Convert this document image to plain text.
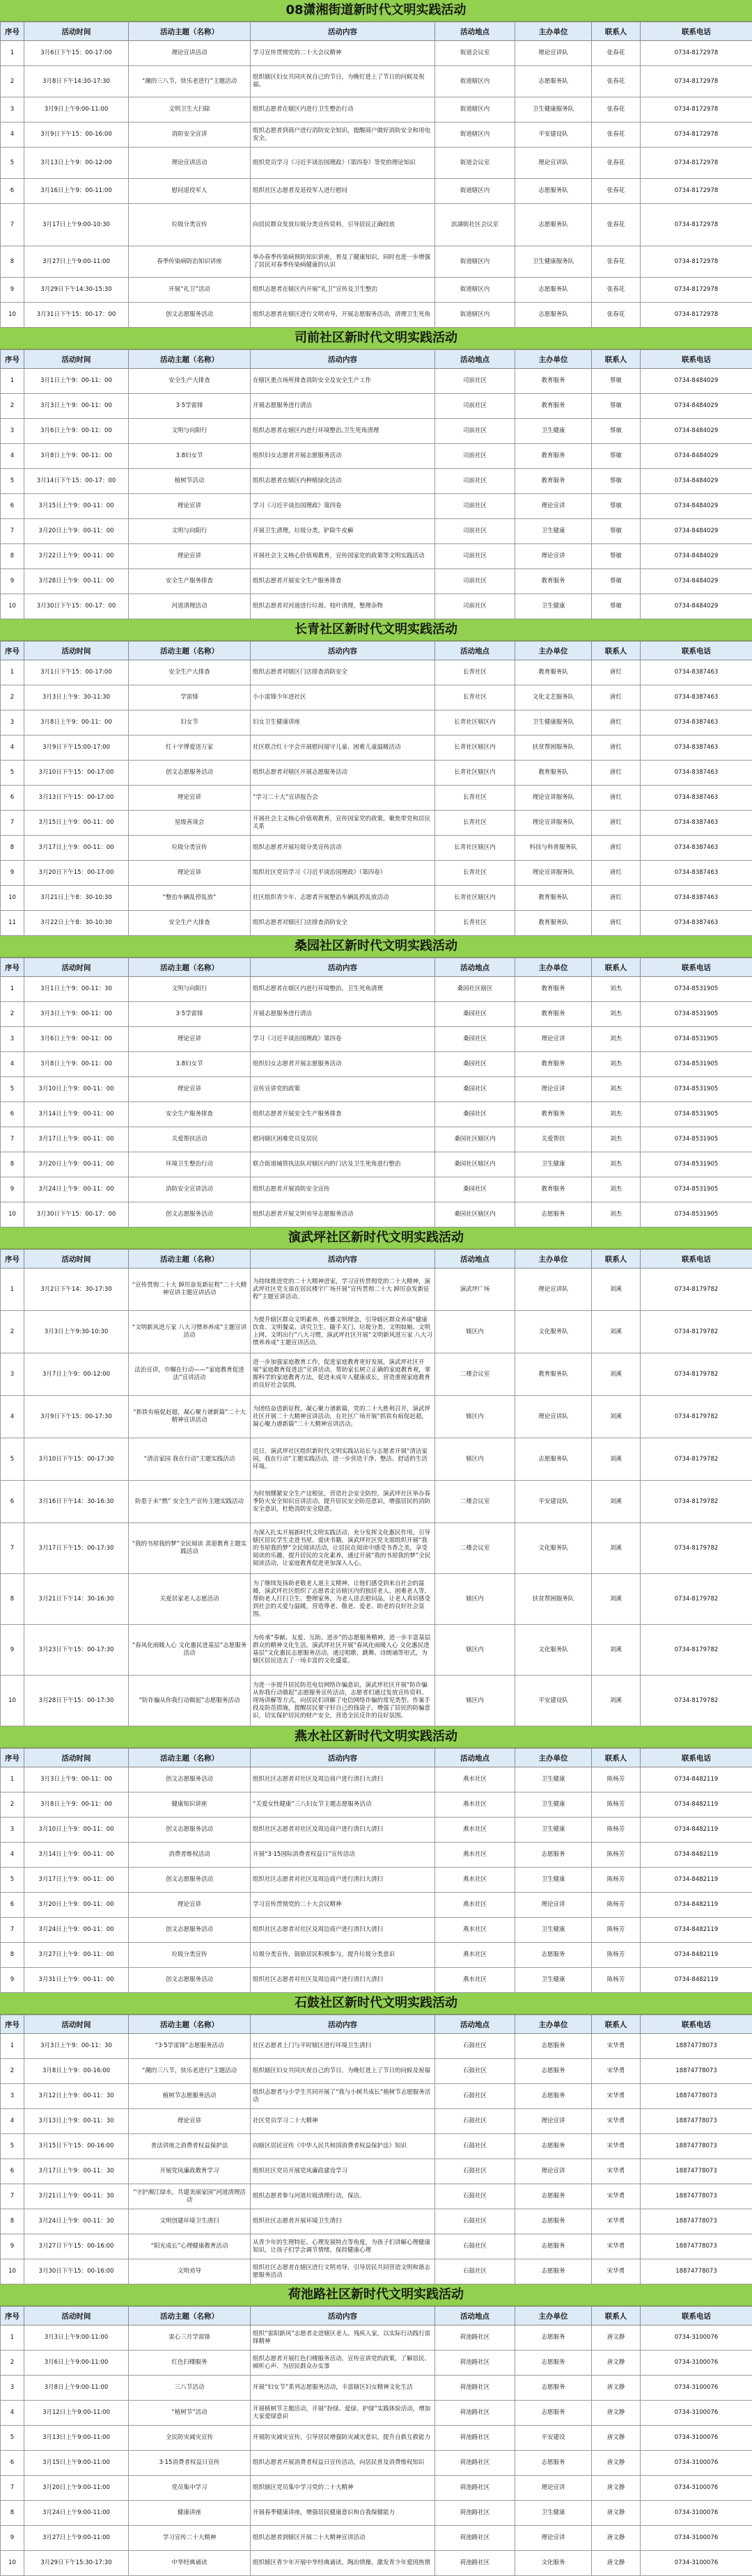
08潇湘街道新时代文明实践活动
序号	活动时间	活动主题（名称）	活动内容	活动地点	主办单位	联系人	联系电话
1	3月6日下午15：00-17:00	理论宣讲活动	学习宣传贯彻党的二十大会议精神	街道会议室	理论宣讲队	张春花	0734-8172978
2	3月8日下午14:30-17:30	“潮的三八节，快乐老进行”主题活动	组织辖区妇女共同庆祝自己的节日，为晚钉进上了节日的问候及祝福。	街道辖区内	志愿服务队	张春花	0734-8172978
3	3月9日上午9:00-11:00	文明卫生大扫除	组织志愿者在辖区内进行卫生整治行动	街道辖区内	卫生健康服务队	张春花	0734-8172978
4	3月9日下午15：00-16:00	消防安全宣讲	组织志愿者到商户进行消防安全知识，提醒商户做好消防安全和用电安全。	街道辖区内	平安建设队	张春花	0734-8172978
5	3月13日上午9：00-12:00	理论宣讲活动	组织党员学习《习近平谈治国理政》（第四卷）等党的理论知识	街道会议室	理论宣讲队	张春花	0734-8172978
6	3月16日上午9：00-11:00	慰问退役军人	组织社区志愿者及退役军人进行慰问	街道辖区内	志愿服务队	张春花	0734-8172978
7	3月17日上午9:00-10:30	垃圾分类宣传	向居民群众发放垃圾分类宣传资料，引导居民正确投放	滨湖街社区会议室	志愿服务队	张春花	0734-8172978
8	3月27日上午9:00-11:00	春季传染病防治知识讲座	举办春季传染病预防知识讲座，普及了健康知识，同时也进一步增强了居民对春季传染病健康的认识	街道辖区内	卫生健康服务队	张春花	0734-8172978
9	3月29日下午14:30-15:30	开展“礼卫”活动	组织志愿者在辖区内开展“礼卫”宣传及卫生整治	街道辖区内	志愿服务队	张春花	0734-8172978
10	3月31日下午15：00-17：00	创文志愿服务活动	组织志愿者在辖区进行文明劝导，开展志愿服务活动，清理卫生死角	街道辖区内	志愿服务队	张春花	0734-8172978
司前社区新时代文明实践活动
序号	活动时间	活动主题（名称）	活动内容	活动地点	主办单位	联系人	联系电话
1	3月1日上午9：00-11：00	安全生产大排查	在辖区重点场所排查消防安全及安全生产工作	司前社区	教育服务	蔡敏	0734-8484029
2	3月3日上午9：00-11：00	3·5学雷锋	开展志愿服务进行清洁	司前社区	教育服务	蔡敏	0734-8484029
3	3月6日上午9：00-11：00	文明与向阳行	组织志愿者在辖区内进行环境整治,卫生死角清理	司前社区	卫生健康	蔡敏	0734-8484029
4	3月8日上午9：00-11：00	3.8妇女节	组织妇女志愿者开展志愿服务活动	司前社区	教育服务	蔡敏	0734-8484029
5	3月14日下午15：00-17：00	植树节活动	组织志愿者在辖区内种植绿化活动	司前社区	教育服务	蔡敏	0734-8484029
6	3月15日上午9：00-11：00	理论宣讲	学习《习近平谈治国理政》第四卷	司前社区	理论宣讲	蔡敏	0734-8484029
7	3月20日上午9：00-11：00	文明与向阳行	开展卫生清理，垃圾分类，铲除牛皮癣	司前社区	卫生健康	蔡敏	0734-8484029
8	3月22日上午9：00-11：00	理论宣讲	开展社会主义核心价值观教育，宣传国家党的政策等文明实践活动	司前社区	理论宣讲	蔡敏	0734-8484029
9	3月28日上午9：00-11：00	安全生产服务排查	组织志愿者开展安全生产服务排查	司前社区	教育服务	蔡敏	0734-8484029
10	3月30日下午15：00-17：00	河道清理活动	组织志愿者对河道进行垃圾、枝叶清理，整理杂物	司前社区	卫生健康	蔡敏	0734-8484029
长青社区新时代文明实践活动
序号	活动时间	活动主题（名称）	活动内容	活动地点	主办单位	联系人	联系电话
1	3月1日下午15：00-17:00	安全生产大排查	组织志愿者对辖区门店排查消防安全	长青社区	教育服务队	唐红	0734-8387463
2	3月3日上午9：30-11:30	学雷锋	小小雷锋少年进社区	长青社区	文化文艺服务队	唐红	0734-8387463
3	3月8日上午9：00-11：00	妇女节	妇女卫生健康讲座	长青社区辖区内	卫生健康服务队	唐红	0734-8387463
4	3月9日下午15:00-17:00	红十字博爱送万家	社区联合红十字会开展慰问留守儿童、困难儿童温暖活动	长青社区辖区内	扶贫帮困服务队	唐红	0734-8387463
5	3月10日下午15：00-17:00	创文志愿服务活动	组织志愿者对辖区开展志愿服务活动	长青社区辖区内	教育服务队	唐红	0734-8387463
6	3月13日下午15：00-17:00	理论宣讲	“学习二十大”宣讲报告会	长青社区	理论宣讲服务队	唐红	0734-8387463
7	3月15日上午9：00-11：00	星级善谈会	开展社会主义核心价值观教育，宣传国家党的政策，聚焦带党和居民关系	长青社区	理论宣讲服务队	唐红	0734-8387463
8	3月17日上午9：00-11：00	垃圾分类宣传	组织志愿者开展垃圾分类宣传活动	长青社区辖区内	科技与科普服务队	唐红	0734-8387463
9	3月20日下午15：00-17:00	理论宣讲	组织社区党员学习《习近平谈治国理政》（第四卷）	长青社区	理论宣讲服务队	唐红	0734-8387463
10	3月21日上午8：30-10:30	“整治车辆乱停乱放”	社区组织青少年、志愿者开展整治车辆乱停乱放活动	长青社区辖区内	教育服务队	唐红	0734-8387463
11	3月22日上午8：30-10:30	安全生产大排查	组织志愿者对辖区门店排查消防安全	长青社区	教育服务队	唐红	0734-8387463
桑园社区新时代文明实践活动
序号	活动时间	活动主题（名称）	活动内容	活动地点	主办单位	联系人	联系电话
1	3月1日上午9：00-11：30	文明与向阳行	组织志愿者在辖区内进行环境整治，卫生死角清理	桑园社区辖区	教育服务	刘杰	0734-8531905
2	3月3日上午9：00-11：00	3·5学雷锋	开展志愿服务进行清洁	桑园社区	教育服务	刘杰	0734-8531905
3	3月6日上午9：00-11：00	理论宣讲	学习《习近平谈治国理政》第四卷	桑园社区	理论宣讲	刘杰	0734-8531905
4	3月8日上午9：00-11：00	3.8妇女节	组织妇女志愿者开展志愿服务活动	桑园社区	教育服务	刘杰	0734-8531905
5	3月10日上午9：00-11：00	理论宣讲	宣传宣讲党的政策	桑园社区	理论宣讲	刘杰	0734-8531905
6	3月14日上午9：00-11：00	安全生产服务排查	组织志愿者开展安全生产服务排查	桑园社区	教育服务	刘杰	0734-8531905
7	3月17日上午9：00-11：00	关爱帮扶活动	慰问辖区困难党员及居民	桑园社区辖区内	关爱帮扶	刘杰	0734-8531905
8	3月20日上午9：00-11：00	环境卫生整治行动	联合街道城管执法队对辖区内的门店及卫生死角进行整治	桑园社区辖区内	卫生健康	刘杰	0734-8531905
9	3月24日上午9：00-11：00	消防安全宣讲活动	组织志愿者开展消防安全宣传	桑园社区	教育服务	刘杰	0734-8531905
10	3月30日下午15：00-17：00	创文志愿服务活动	组织志愿者开展文明劝导志愿服务活动	桑园社区辖区内	志愿服务	刘杰	0734-8531905
演武坪社区新时代文明实践活动
序号	活动时间	活动主题（名称）	活动内容	活动地点	主办单位	联系人	联系电话
1	3月2日下午14：30-17:30	“宣传贯彻二十大 踔厉奋发新征程”二十大精神宣讲主题宣讲活动	为持续推进党的二十大精神进家，学习宣传贯彻党的二十大精神，演武坪社区党支部在居民楼宇广场开展“宣传贯彻二十大 踔厉奋发新征程”主题宣讲活动。	演武坪广场	理论宣讲队	刘溪	0734-8179782
2	3月3日上午9:30-10:30	“文明新风进万家 八大习惯养养成”主题宣讲活动	为提升辖区群众文明素养，传播文明理念，引导辖区群众养成“健康饮食、文明餐桌、讲究卫生、随手关门、垃圾分类、文明如厕、文明上网、文明出行”八大习惯，演武坪社区开展“文明新风进万家 八大习惯养养成”主题宣讲活动。	辖区内	文化服务队	刘溪	0734-8179782
3	3月7日上午9：00-12:00	法治宣讲，巾帼在行动——“家庭教育促进法”宣讲活动	进一步加强家庭教育工作，促进家庭教育更好发展，演武坪社区开展“家庭教育促进法”宣讲活动，帮助家长树立正确的家庭教育观，掌握科学的家庭教育方法，促进未成年人健康成长，营造重视家庭教育的良好社会氛围。	二楼会议室	教育服务队	刘溪	0734-8179782
4	3月9日下午15：00-17:30	“抓铁有痕促赶超，凝心聚力谱新篇”二十大精神宣讲活动	为团结奋进新征程，凝心聚力谱新篇，党的二十大胜利召开，演武坪社区开展二十大精神宣讲活动，在社区广场开展“抓铁有痕促赶超，凝心聚力谱新篇”二十大精神宣讲活动。	辖区内	理论宣讲队	刘溪	0734-8179782
5	3月10日下午15：00-17:30	“清洁家园 我在行动”主题实践活动	近日，演武坪社区组织新时代文明实践站站长与志愿者开展“清洁家园，我在行动”主题实践活动，进一步营造干净、整洁、舒适的生活环境。	辖区内	志愿服务队	刘溪	0734-8179782
6	3月16日下午14：30-16:30	防患于未“燃” 安全生产宣传主题实践活动	为时刻绷紧安全生产这根弦，营造社会安全防控，演武坪社区举办春季防火安全知识宣讲活动，提升居民安全防范意识，增强居民的消防安全意识，杜绝消防安全隐患。	二楼会议室	平安建设队	刘溪	0734-8179782
7	3月17日下午15：00-17:30	“我的书屋我的梦”全民阅读 喜迎教育主题实践活动	为深入扎实开展新时代文明实践活动，充分发挥文化惠民作用，引导辖区居民学生走进书屋、爱读书籍，演武坪社区党支部组织开展“我的书屋我的梦”全民阅读活动，让居民在阅读中感受书香之美，享受阅读的乐趣，提升居民的文化素养，通过开展“我的书屋我的梦”全民阅读活动，让家庭教育促进更加深入人心。	二楼会议室	文化服务队	刘溪	0734-8179782
8	3月21日下午14：30-16:30	关爱居家老人志愿活动	为了继续发扬助老敬老人道主义精神，让他们感受到来自社会的温暖，演武坪社区组织了志愿者走访辖区内的独居老人、困难老人等，帮助老人打扫卫生、整理家务，为老人送去慰问品，让老人真切感受到社会的关爱与温暖，营造尊老、敬老、爱老、助老的良好社会氛围。	辖区内	扶贫帮困服务队	刘溪	0734-8179782
9	3月23日下午15：00-17:30	“春风化雨暖人心 文化惠民进基层”志愿服务活动	为传承“奉献、友爱、互助、进步”的志愿服务精神，进一步丰富基层群众的精神文化生活，演武坪社区开展“春风化雨暖人心 文化惠民进基层”文化惠民志愿服务活动，通过唱歌、跳舞、诗朗诵等形式，为辖区居民送去了一场丰富的文化盛宴。	辖区内	文化服务队	刘溪	0734-8179782
10	3月28日下午15：00-17:30	“防诈骗从你我行动做起”志愿服务活动	为进一步提升居民防范电信网络诈骗意识，演武坪社区开展“防诈骗从你我行动做起”志愿服务宣传活动，志愿者们通过发放宣传资料、现场讲解等方式，向居民们讲解了电信网络诈骗的常见类型、作案手段及防范措施，提醒居民要守好自己的钱袋子，增强了居民的防骗意识，切实保护居民的财产安全，营造全民反诈的良好氛围。	辖区内	平安建设队	刘溪	0734-8179782
燕水社区新时代文明实践活动
序号	活动时间	活动主题（名称）	活动内容	活动地点	主办单位	联系人	联系电话
1	3月3日上午9：00-11：00	创文志愿服务活动	组织社区志愿者对社区及周边商户进行清扫大清扫	燕水社区	卫生健康	陈杨芳	0734-8482119
2	3月8日上午9：00-11：00	健康知识讲座	“关爱女性健康”三八妇女节主题志愿服务活动	燕水社区	卫生健康	陈杨芳	0734-8482119
3	3月10日上午9：00-11：00	创文志愿服务活动	组织社区志愿者对社区及周边商户进行清扫大清扫	燕水社区	卫生健康	陈杨芳	0734-8482119
4	3月14日上午9：00-11：00	消费者维权活动	开展“3·15国际消费者权益日”宣传活动	燕水社区	志愿服务	陈杨芳	0734-8482119
5	3月17日上午9：00-11：00	创文志愿服务活动	组织社区志愿者对社区及周边商户进行清扫大清扫	燕水社区	卫生健康	陈杨芳	0734-8482119
6	3月20日上午9：00-11：00	理论宣讲	学习宣传贯彻党的二十大会议精神	燕水社区	理论宣讲	陈杨芳	0734-8482119
7	3月24日上午9：00-11：00	创文志愿服务活动	组织社区志愿者对社区及周边商户进行清扫大清扫	燕水社区	卫生健康	陈杨芳	0734-8482119
8	3月27日上午9：00-11：00	垃圾分类宣传	垃圾分类宣传，鼓励居民积极参与，提升垃圾分类意识	燕水社区	志愿服务	陈杨芳	0734-8482119
9	3月31日上午9：00-11：00	创文志愿服务活动	组织社区志愿者对社区及周边商户进行清扫大清扫	燕水社区	卫生健康	陈杨芳	0734-8482119
石鼓社区新时代文明实践活动
序号	活动时间	活动主题（名称）	活动内容	活动地点	主办单位	联系人	联系电话
1	3月3日上午9：00-11：30	“3·5学雷锋”志愿服务活动	社区志愿者上门与平时辖区进行环境卫生清扫	石鼓社区	志愿服务	宋华勇	18874778073
2	3月8日上午9：00-16:00	“潮的三八节，快乐老进行”主题活动	组织辖区妇女共同庆祝自己的节日，为晚钉进上了节日的问候及祝福	石鼓社区	志愿服务	宋华勇	18874778073
3	3月12日上午9：00-11：30	植树节志愿服务活动	组织志愿者与小学生共同开展了“我与小树共成长”植树节志愿服务活动	石鼓社区	志愿服务	宋华勇	18874778073
4	3月13日上午9：00-11：30	理论宣讲	社区党员学习二十大精神	石鼓社区	理论宣讲	宋华勇	18874778073
5	3月15日下午15：00-16:00	普法讲座之消费者权益保护法	向辖区居民宣传《中华人民共和国消费者权益保护法》知识	石鼓社区	志愿服务	宋华勇	18874778073
6	3月17日上午9：00-11：30	开展党风廉政教育学习	组织社区党员开展党风廉政建设学习	石鼓社区	理论宣讲	宋华勇	18874778073
7	3月21日上午9：00-11：30	“守护湘江绿水，共建美丽家园”河道清理活动	组织志愿者参与河道垃圾清理行动，保洁。	石鼓社区	志愿服务	宋华勇	18874778073
8	3月24日上午9：00-11：30	文明创建环境卫生清扫	组织社区志愿者开展环境卫生清扫	石鼓社区	志愿服务	宋华勇	18874778073
9	3月27日下午15：00-16:00	“阳光成长”心理健康教育活动	从青少年的生理特征、心理发展特点等角度，为孩子们讲解心理健康知识，让孩子们学会调节情绪，保持健康心理	石鼓社区	志愿服务	宋华勇	18874778073
10	3月30日下午15：00-16:00	文明劝导	组织社区志愿者在辖区进行文明劝导，引导居民共同营造文明和谐志愿服务活动	石鼓社区	志愿服务	宋华勇	18874778073
荷池路社区新时代文明实践活动
序号	活动时间	活动主题（名称）	活动内容	活动地点	主办单位	联系人	联系电话
1	3月3日上午9:00-11:00	雷心三月学雷锋	组织“雷阳新风”志愿者走进辖区老人、残疾人家，以实际行动践行雷锋精神	荷池路社区	志愿服务	唐文静	0734-3100076
2	3月6日上午9:00-11:00	红色扫楼服务	组织志愿者开展红色扫楼服务活动，宣传宣讲党的政策，了解居民、倾听心声、为居民群众办实事	荷池路社区	志愿服务	唐文静	0734-3100076
3	3月8日上午9:00-11:00	三八节活动	开展“妇女节”系列志愿服务活动，丰富辖区妇女精神文化生活	荷池路社区	志愿服务	唐文静	0734-3100076
4	3月12日上午9:00-11:00	“植树节”活动	开展植树节主题活动，开展“扮绿、爱绿、护绿”实践体验活动，增加大家爱绿意识	荷池路社区	志愿服务	唐文静	0734-3100076
5	3月13日上午9:00-11:00	全民防灾减灾宣传	开展防灾减灾宣传，引导居民增强防灾减灾意识，提升自救互救能力	荷池路社区	平安建设	唐文静	0734-3100076
6	3月15日上午9:00-11:00	3·15消费者权益日宣传	组织志愿者开展消费者权益日宣传活动，向居民普及消费维权知识	荷池路社区	志愿服务	唐文静	0734-3100076
7	3月20日上午9:00-11:00	党员集中学习	组织辖区党员集中学习党的二十大精神	荷池路社区	理论宣讲	唐文静	0734-3100076
8	3月24日上午9:00-11:00	健康讲座	开展春季健康讲座，增强居民健康意识和自我保健能力	荷池路社区	卫生健康	唐文静	0734-3100076
9	3月27日上午9:00-11:00	学习宣传二十大精神	组织志愿者到辖区开展二十大精神宣讲活动	荷池路社区	理论宣讲	唐文静	0734-3100076
10	3月29日下午15:30-17:30	中华经典诵读	组织辖区青少年开展中华经典诵读，陶冶情操，激发青少年爱国热情	荷池路社区	文化服务	唐文静	0734-3100076
